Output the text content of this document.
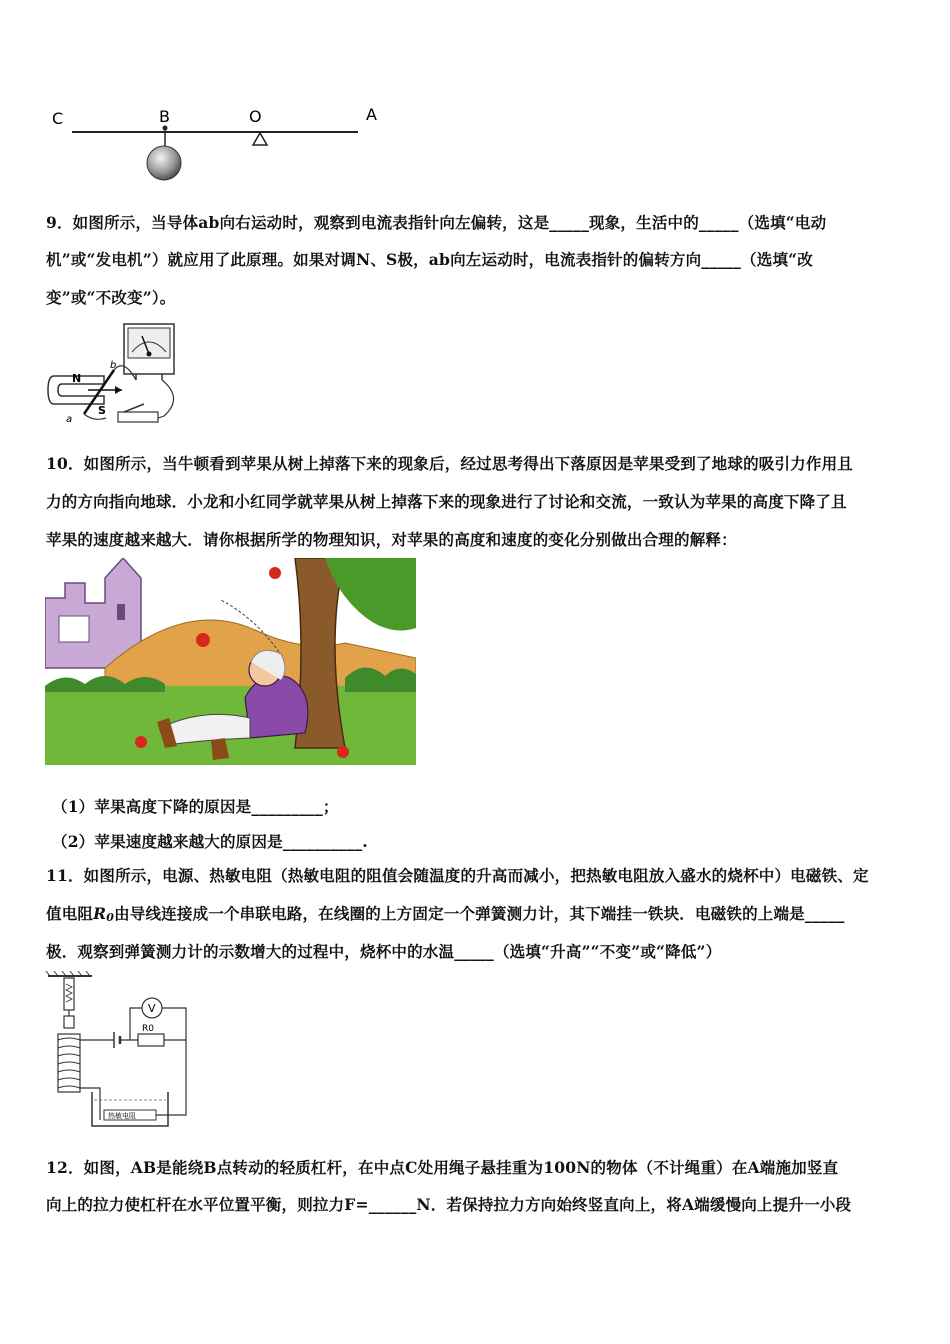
C	B	O	A
9．如图所示，当导体ab向右运动时，观察到电流表指针向左偏转，这是_____现象，生活中的_____（选填“电动
机”或“发电机”）就应用了此原理。如果对调N、S极，ab向左运动时，电流表指针的偏转方向_____（选填“改
变”或“不改变”）。
N
S
a
b
10．如图所示，当牛顿看到苹果从树上掉落下来的现象后，经过思考得出下落原因是苹果受到了地球的吸引力作用且
力的方向指向地球．小龙和小红同学就苹果从树上掉落下来的现象进行了讨论和交流，一致认为苹果的高度下降了且
苹果的速度越来越大．请你根据所学的物理知识，对苹果的高度和速度的变化分别做出合理的解释：
（1）苹果高度下降的原因是_________；
（2）苹果速度越来越大的原因是__________.
11．如图所示，电源、热敏电阻（热敏电阻的阻值会随温度的升高而减小，把热敏电阻放入盛水的烧杯中）电磁铁、定
值电阻R0由导线连接成一个串联电路，在线圈的上方固定一个弹簧测力计，其下端挂一铁块．电磁铁的上端是_____
极．观察到弹簧测力计的示数增大的过程中，烧杯中的水温_____（选填“升高”“不变”或“降低”）
R0
V
热敏电阻
12．如图，AB是能绕B点转动的轻质杠杆，在中点C处用绳子悬挂重为100N的物体（不计绳重）在A端施加竖直
向上的拉力使杠杆在水平位置平衡，则拉力F=______N．若保持拉力方向始终竖直向上，将A端缓慢向上提升一小段
